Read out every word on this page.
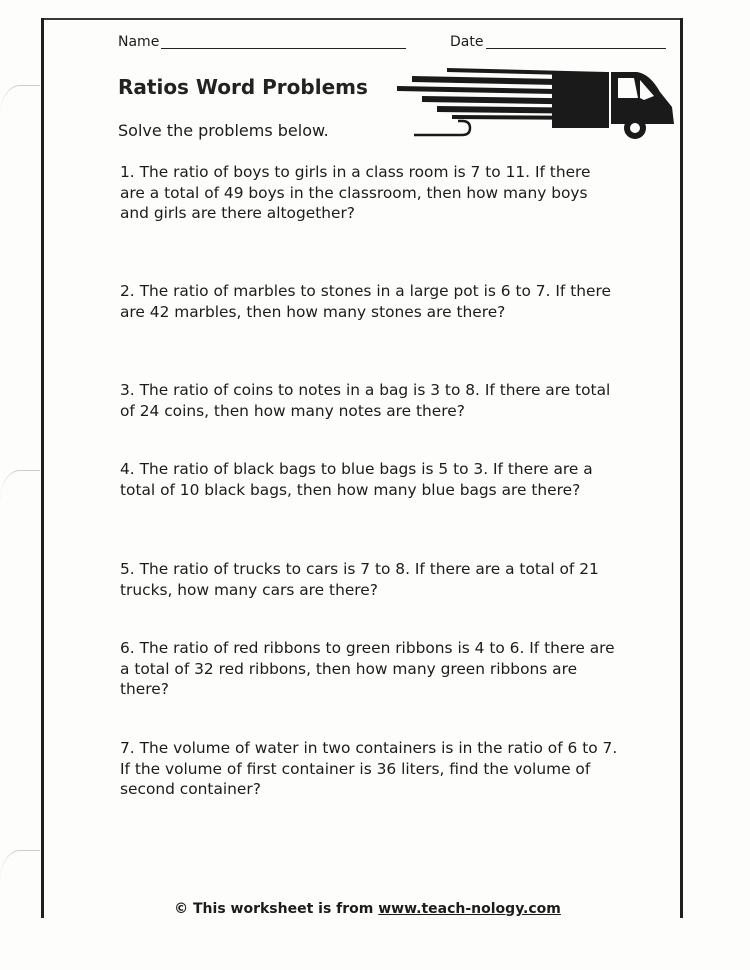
Name	Date
Ratios Word Problems
Solve the problems below.

1. The ratio of boys to girls in a class room is 7 to 11. If there are a total of 49 boys in the classroom, then how many boys and girls are there altogether?

2. The ratio of marbles to stones in a large pot is 6 to 7. If there are 42 marbles, then how many stones are there?

3. The ratio of coins to notes in a bag is 3 to 8. If there are total of 24 coins, then how many notes are there?

4. The ratio of black bags to blue bags is 5 to 3. If there are a total of 10 black bags, then how many blue bags are there?

5. The ratio of trucks to cars is 7 to 8. If there are a total of 21 trucks, how many cars are there?

6. The ratio of red ribbons to green ribbons is 4 to 6. If there are a total of 32 red ribbons, then how many green ribbons are there?

7. The volume of water in two containers is in the ratio of 6 to 7. If the volume of first container is 36 liters, find the volume of second container?

© This worksheet is from www.teach-nology.com
